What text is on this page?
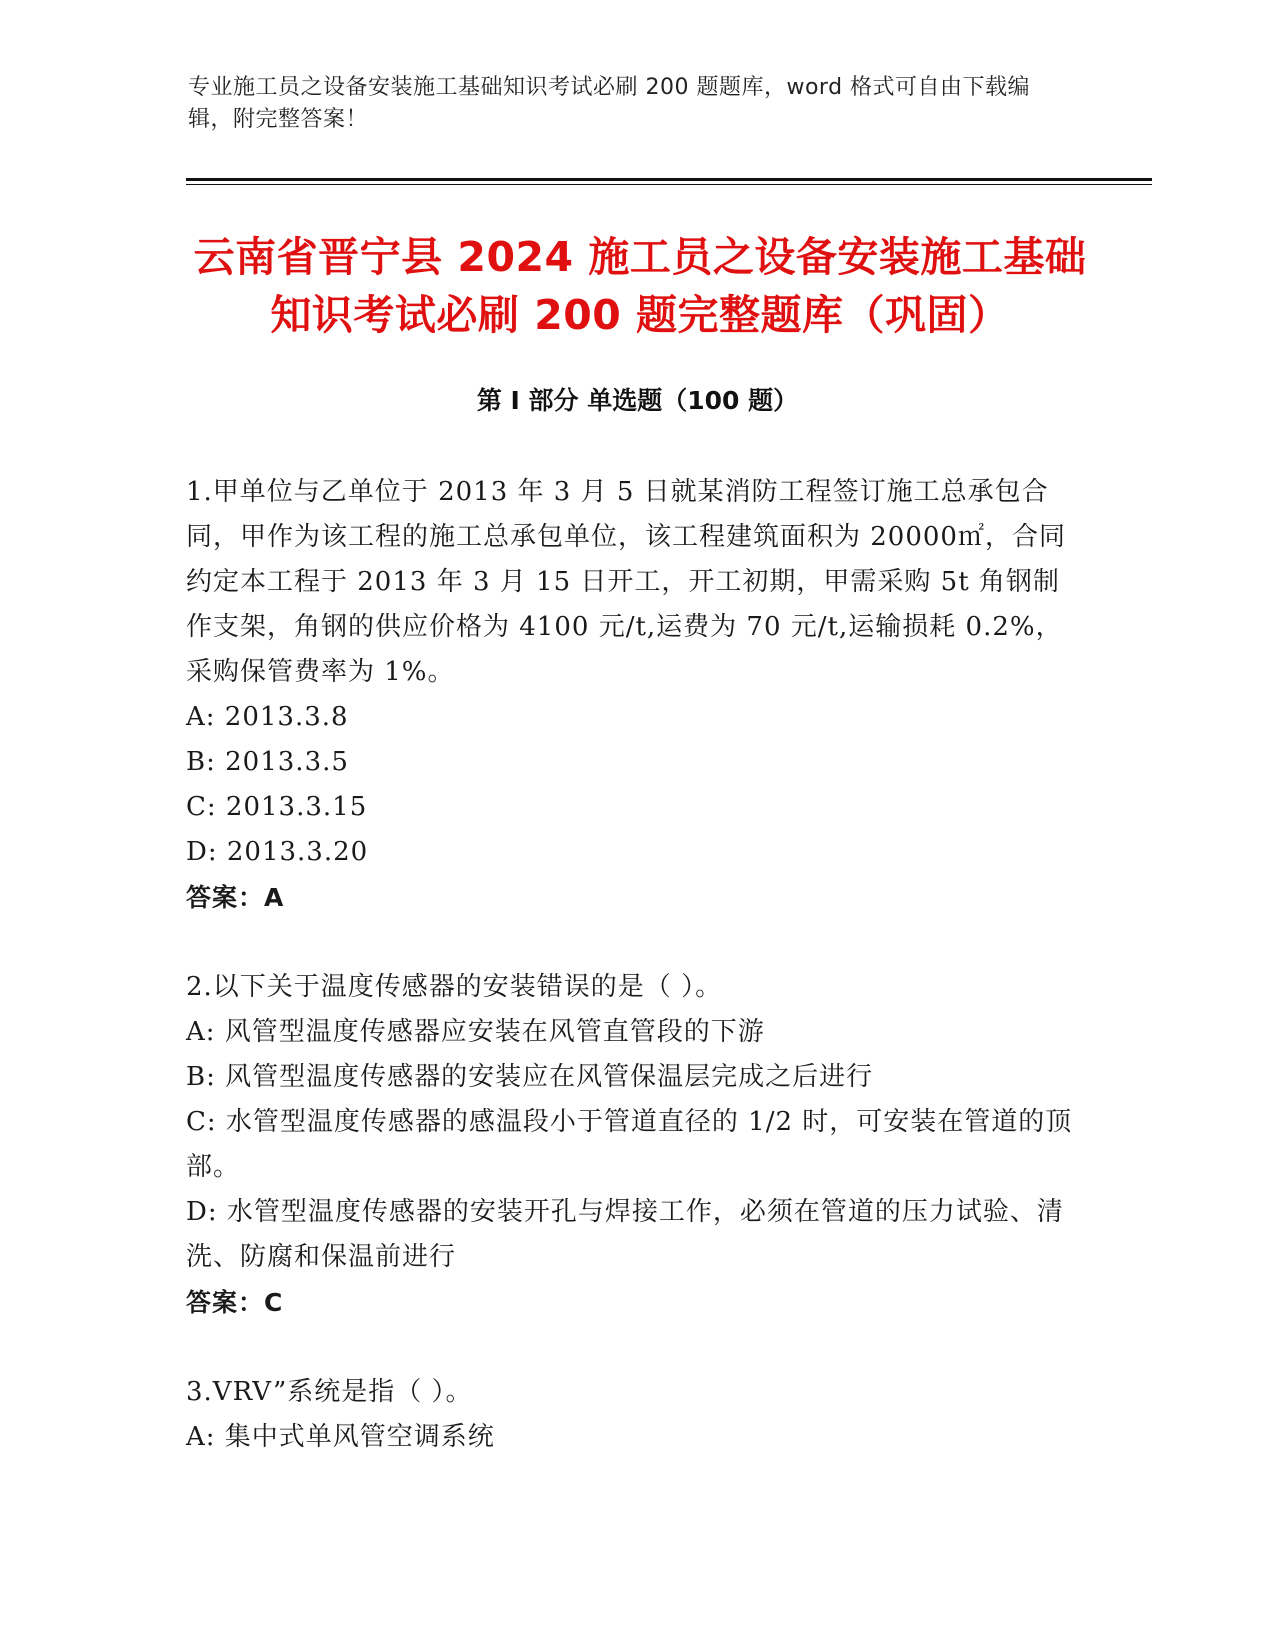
专业施工员之设备安装施工基础知识考试必刷 200 题题库，word 格式可自由下载编辑，附完整答案！
云南省晋宁县 2024 施工员之设备安装施工基础知识考试必刷 200 题完整题库（巩固）
第 I 部分 单选题（100 题）

1.甲单位与乙单位于 2013 年 3 月 5 日就某消防工程签订施工总承包合同，甲作为该工程的施工总承包单位，该工程建筑面积为 20000㎡，合同约定本工程于 2013 年 3 月 15 日开工，开工初期，甲需采购 5t 角钢制作支架，角钢的供应价格为 4100 元/t,运费为 70 元/t,运输损耗 0.2%，采购保管费率为 1%。

A: 2013.3.8

B: 2013.3.5

C: 2013.3.15

D: 2013.3.20

答案：A

2.以下关于温度传感器的安装错误的是（ ）。

A: 风管型温度传感器应安装在风管直管段的下游

B: 风管型温度传感器的安装应在风管保温层完成之后进行

C: 水管型温度传感器的感温段小于管道直径的 1/2 时，可安装在管道的顶部。

D: 水管型温度传感器的安装开孔与焊接工作，必须在管道的压力试验、清洗、防腐和保温前进行

答案：C

3.VRV”系统是指（ ）。

A: 集中式单风管空调系统
